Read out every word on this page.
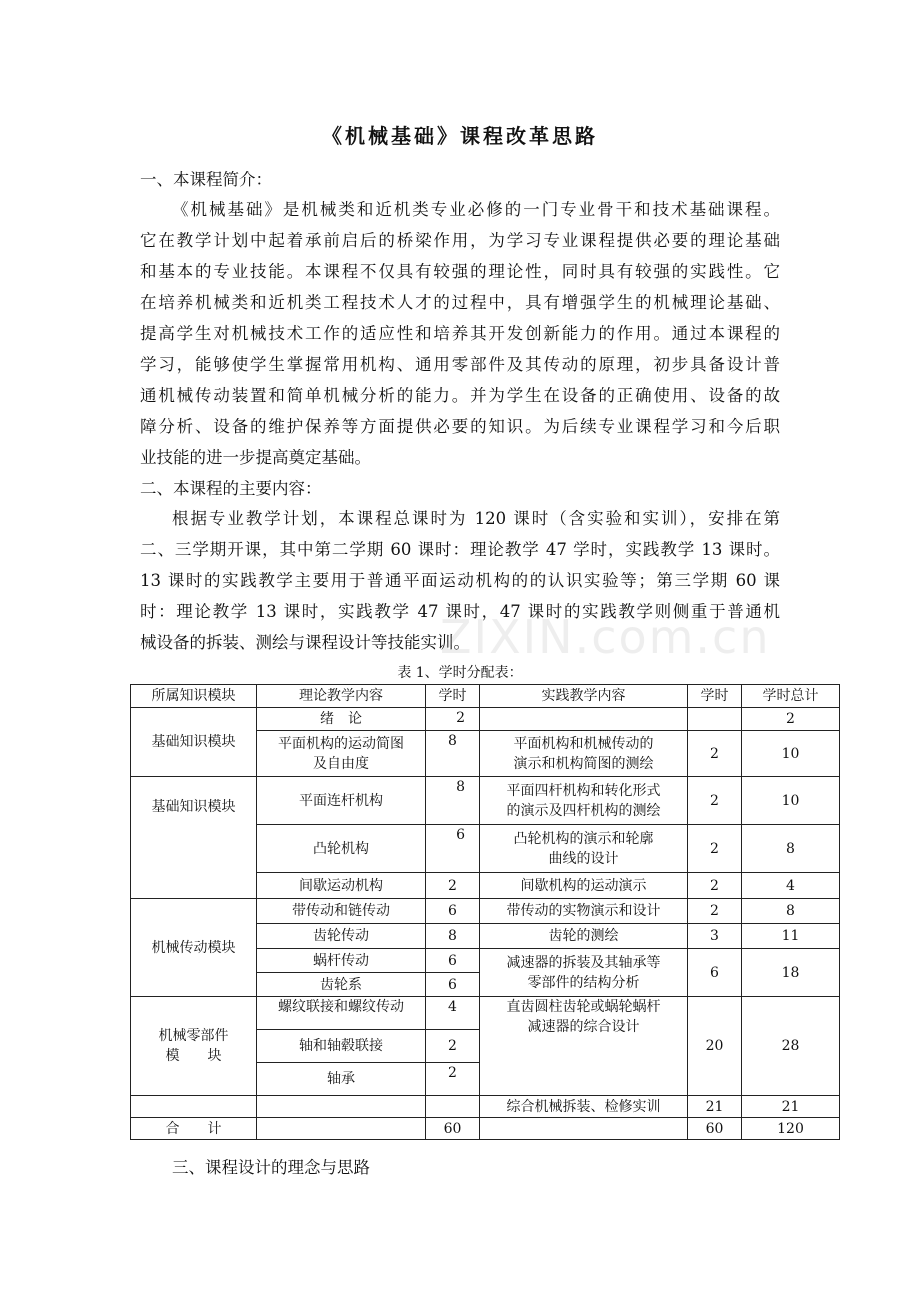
《机械基础》课程改革思路
一、本课程简介：
《机械基础》是机械类和近机类专业必修的一门专业骨干和技术基础课程。
它在教学计划中起着承前启后的桥梁作用，为学习专业课程提供必要的理论基础
和基本的专业技能。本课程不仅具有较强的理论性，同时具有较强的实践性。它
在培养机械类和近机类工程技术人才的过程中，具有增强学生的机械理论基础、
提高学生对机械技术工作的适应性和培养其开发创新能力的作用。通过本课程的
学习，能够使学生掌握常用机构、通用零部件及其传动的原理，初步具备设计普
通机械传动装置和简单机械分析的能力。并为学生在设备的正确使用、设备的故
障分析、设备的维护保养等方面提供必要的知识。为后续专业课程学习和今后职
业技能的进一步提高奠定基础。
二、本课程的主要内容：
根据专业教学计划，本课程总课时为 120 课时（含实验和实训），安排在第
二、三学期开课，其中第二学期 60 课时：理论教学 47 学时，实践教学 13 课时。
13 课时的实践教学主要用于普通平面运动机构的的认识实验等；第三学期 60 课
时：理论教学 13 课时，实践教学 47 课时，47 课时的实践教学则侧重于普通机
械设备的拆装、测绘与课程设计等技能实训。
ZIXIN.com.cn
表 1、学时分配表：
所属知识模块	理论教学内容	学时	实践教学内容	学时	学时总计
基础知识模块	绪　论	2			2
	平面机构的运动简图
及自由度	8	平面机构和机械传动的
演示和机构简图的测绘	2	10
基础知识模块	平面连杆机构	8	平面四杆机构和转化形式
的演示及四杆机构的测绘	2	10
	凸轮机构	6	凸轮机构的演示和轮廓
曲线的设计	2	8
	间歇运动机构	2	间歇机构的运动演示	2	4
机械传动模块	带传动和链传动	6	带传动的实物演示和设计	2	8
	齿轮传动	8	齿轮的测绘	3	11
	蜗杆传动	6	减速器的拆装及其轴承等
零部件的结构分析	6	18
	齿轮系	6			
机械零部件
模　　块	螺纹联接和螺纹传动	4	直齿圆柱齿轮或蜗轮蜗杆
减速器的综合设计	20	28
	轴和轴毂联接	2			
	轴承	2			
			综合机械拆装、检修实训	21	21
合　　计		60		60	120
三、课程设计的理念与思路
